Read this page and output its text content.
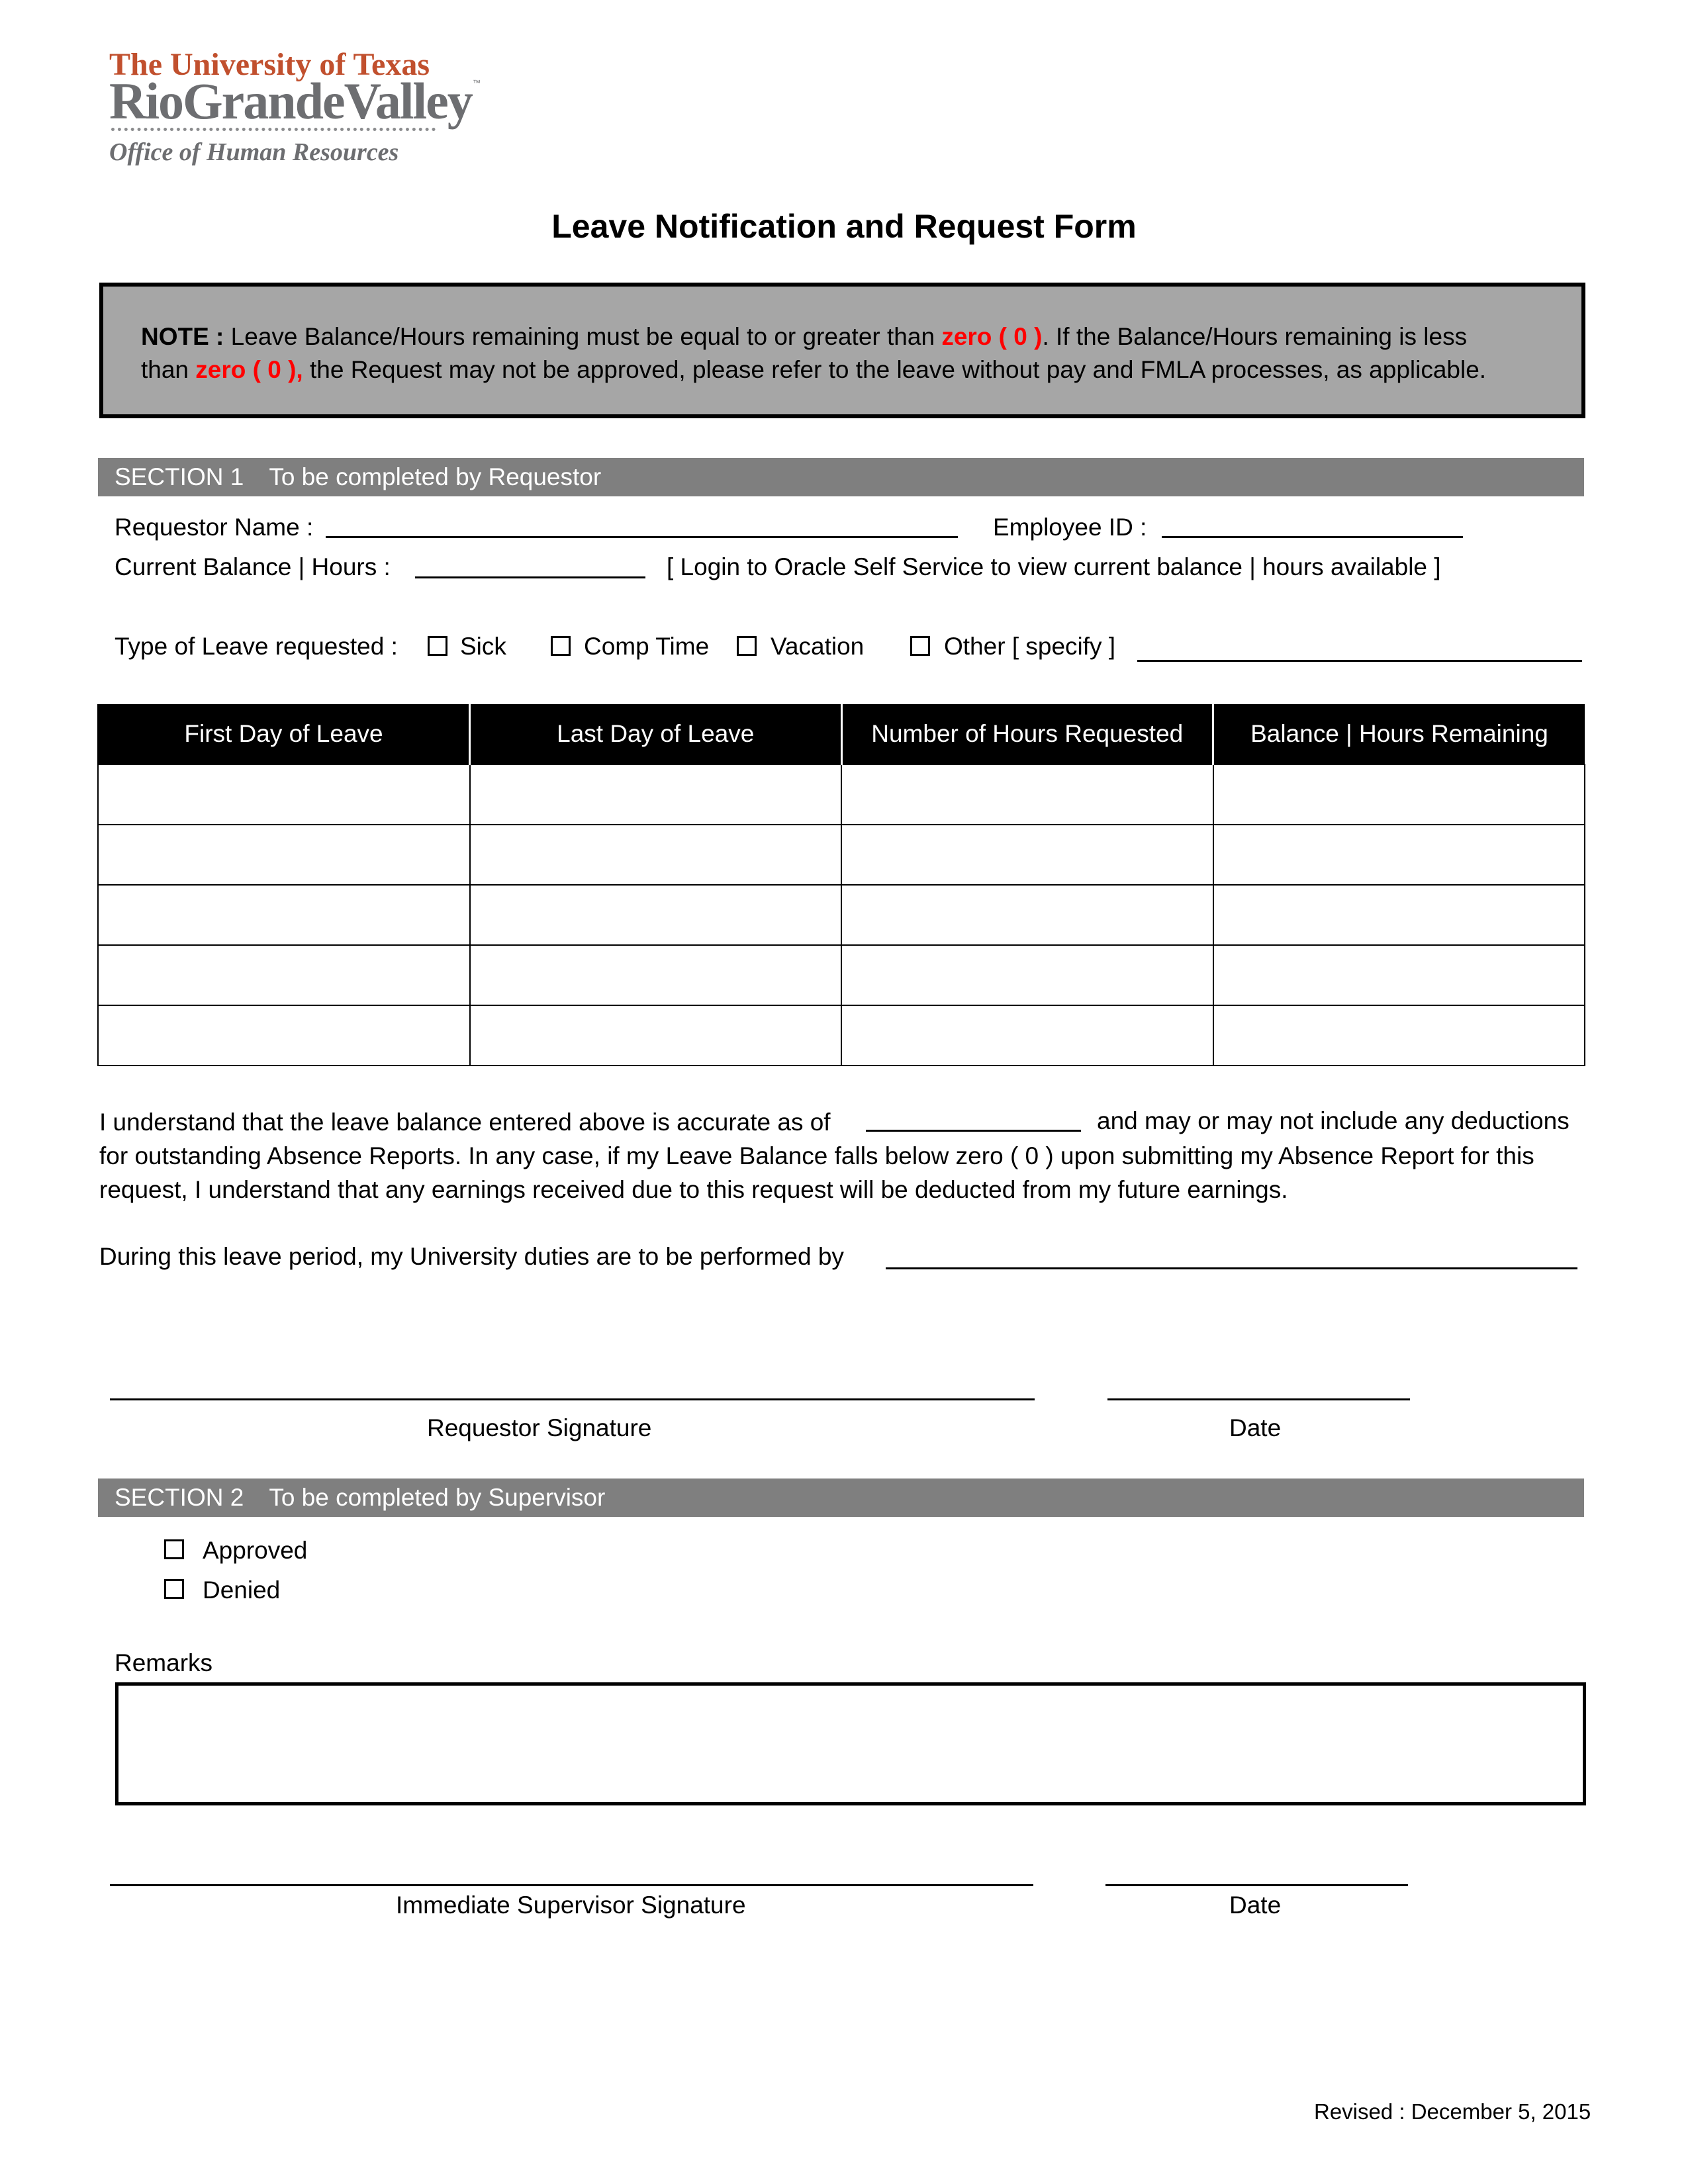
The University of Texas
RioGrandeValley ™
Office of Human Resources
Leave Notification and Request Form
NOTE : Leave Balance/Hours remaining must be equal to or greater than zero ( 0 ). If the Balance/Hours remaining is less
than zero ( 0 ), the Request may not be approved, please refer to the leave without pay and FMLA processes, as applicable.
SECTION 1 To be completed by Requestor
Requestor Name :	Employee ID :
Current Balance | Hours :	[ Login to Oracle Self Service to view current balance | hours available ]
Type of Leave requested :	Sick	Comp Time	Vacation	Other [ specify ]
First Day of Leave	Last Day of Leave	Number of Hours Requested	Balance | Hours Remaining

I understand that the leave balance entered above is accurate as of	and may or may not include any deductions
for outstanding Absence Reports. In any case, if my Leave Balance falls below zero ( 0 ) upon submitting my Absence Report for this
request, I understand that any earnings received due to this request will be deducted from my future earnings.
During this leave period, my University duties are to be performed by
Requestor Signature	Date
SECTION 2 To be completed by Supervisor
Approved
Denied
Remarks
Immediate Supervisor Signature	Date
Revised : December 5, 2015
